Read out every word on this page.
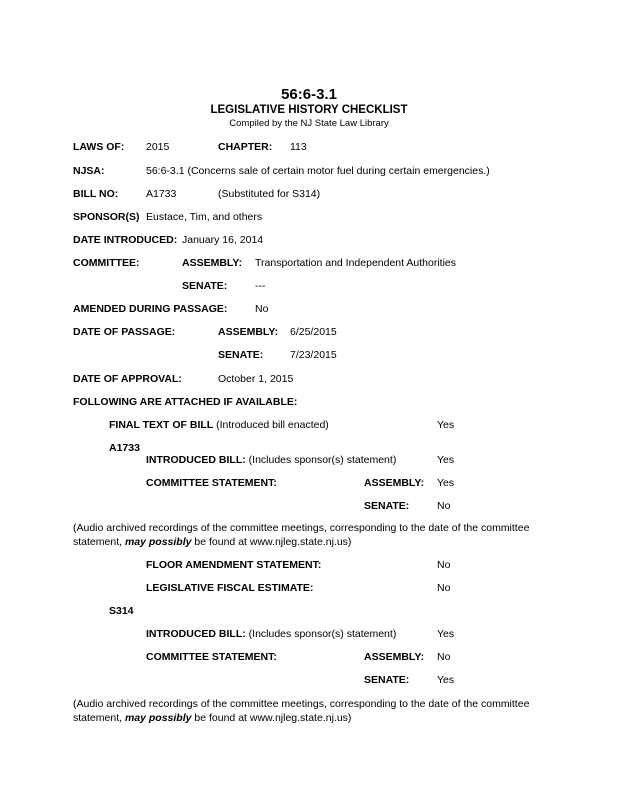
56:6-3.1
LEGISLATIVE HISTORY CHECKLIST
Compiled by the NJ State Law Library
LAWS OF: 2015	CHAPTER: 113
NJSA:	56:6-3.1 (Concerns sale of certain motor fuel during certain emergencies.)
BILL NO:	A1733	(Substituted for S314)
SPONSOR(S) Eustace, Tim, and others
DATE INTRODUCED: January 16, 2014
COMMITTEE:	ASSEMBLY: Transportation and Independent Authorities
SENATE:	---
AMENDED DURING PASSAGE:	No
DATE OF PASSAGE:	ASSEMBLY: 6/25/2015
SENATE:	7/23/2015
DATE OF APPROVAL:	October 1, 2015
FOLLOWING ARE ATTACHED IF AVAILABLE:
FINAL TEXT OF BILL (Introduced bill enacted)	Yes
A1733
INTRODUCED BILL: (Includes sponsor(s) statement)	Yes
COMMITTEE STATEMENT:	ASSEMBLY: Yes
SENATE:	No
(Audio archived recordings of the committee meetings, corresponding to the date of the committee statement, may possibly be found at www.njleg.state.nj.us)
FLOOR AMENDMENT STATEMENT:	No
LEGISLATIVE FISCAL ESTIMATE:	No
S314
INTRODUCED BILL: (Includes sponsor(s) statement)	Yes
COMMITTEE STATEMENT:	ASSEMBLY: No
SENATE:	Yes
(Audio archived recordings of the committee meetings, corresponding to the date of the committee statement, may possibly be found at www.njleg.state.nj.us)
